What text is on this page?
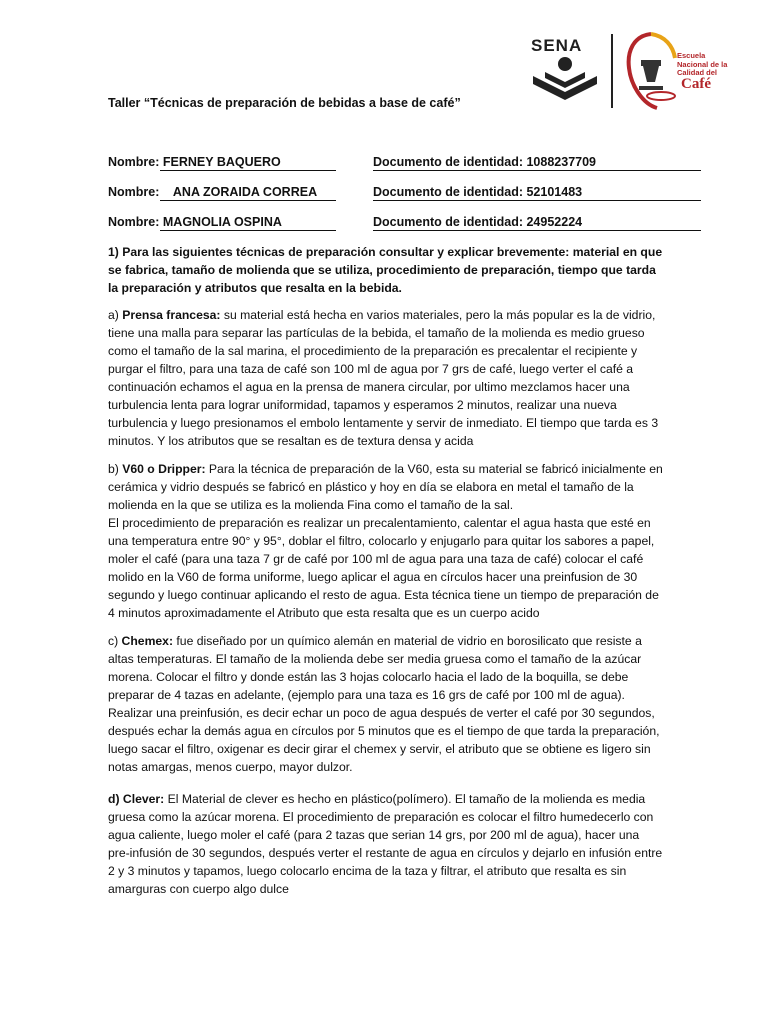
SENA
Escuela Nacional de la Calidad del
Café
Taller “Técnicas de preparación de bebidas a base de café”
Nombre: FERNEY BAQUERO	Documento de identidad: 1088237709
Nombre: ANA ZORAIDA CORREA	Documento de identidad: 52101483
Nombre: MAGNOLIA OSPINA	Documento de identidad: 24952224
1) Para las siguientes técnicas de preparación consultar y explicar brevemente: material en que se fabrica, tamaño de molienda que se utiliza, procedimiento de preparación, tiempo que tarda la preparación y atributos que resalta en la bebida.
a) Prensa francesa: su material está hecha en varios materiales, pero la más popular es la de vidrio, tiene una malla para separar las partículas de la bebida, el tamaño de la molienda es medio grueso como el tamaño de la sal marina, el procedimiento de la preparación es precalentar el recipiente y purgar el filtro, para una taza de café son 100 ml de agua por 7 grs de café, luego verter el café a continuación echamos el agua en la prensa de manera circular, por ultimo mezclamos hacer una turbulencia lenta para lograr uniformidad, tapamos y esperamos 2 minutos, realizar una nueva turbulencia y luego presionamos el embolo lentamente y servir de inmediato. El tiempo que tarda es 3 minutos. Y los atributos que se resaltan es de textura densa y acida
b) V60 o Dripper: Para la técnica de preparación de la V60, esta su material se fabricó inicialmente en cerámica y vidrio después se fabricó en plástico y hoy en día se elabora en metal el tamaño de la molienda en la que se utiliza es la molienda Fina como el tamaño de la sal.
El procedimiento de preparación es realizar un precalentamiento, calentar el agua hasta que esté en una temperatura entre 90° y 95°, doblar el filtro, colocarlo y enjugarlo para quitar los sabores a papel, moler el café (para una taza 7 gr de café por 100 ml de agua para una taza de café) colocar el café molido en la V60 de forma uniforme, luego aplicar el agua en círculos hacer una preinfusion de 30 segundo y luego continuar aplicando el resto de agua. Esta técnica tiene un tiempo de preparación de 4 minutos aproximadamente el Atributo que esta resalta que es un cuerpo acido
c) Chemex: fue diseñado por un químico alemán en material de vidrio en borosilicato que resiste a altas temperaturas. El tamaño de la molienda debe ser media gruesa como el tamaño de la azúcar morena. Colocar el filtro y donde están las 3 hojas colocarlo hacia el lado de la boquilla, se debe preparar de 4 tazas en adelante, (ejemplo para una taza es 16 grs de café por 100 ml de agua). Realizar una preinfusión, es decir echar un poco de agua después de verter el café por 30 segundos, después echar la demás agua en círculos por 5 minutos que es el tiempo de que tarda la preparación, luego sacar el filtro, oxigenar es decir girar el chemex y servir, el atributo que se obtiene es ligero sin notas amargas, menos cuerpo, mayor dulzor.
d) Clever: El Material de clever es hecho en plástico(polímero). El tamaño de la molienda es media gruesa como la azúcar morena. El procedimiento de preparación es colocar el filtro humedecerlo con agua caliente, luego moler el café (para 2 tazas que serian 14 grs, por 200 ml de agua), hacer una pre-infusión de 30 segundos, después verter el restante de agua en círculos y dejarlo en infusión entre 2 y 3 minutos y tapamos, luego colocarlo encima de la taza y filtrar, el atributo que resalta es sin amarguras con cuerpo algo dulce
